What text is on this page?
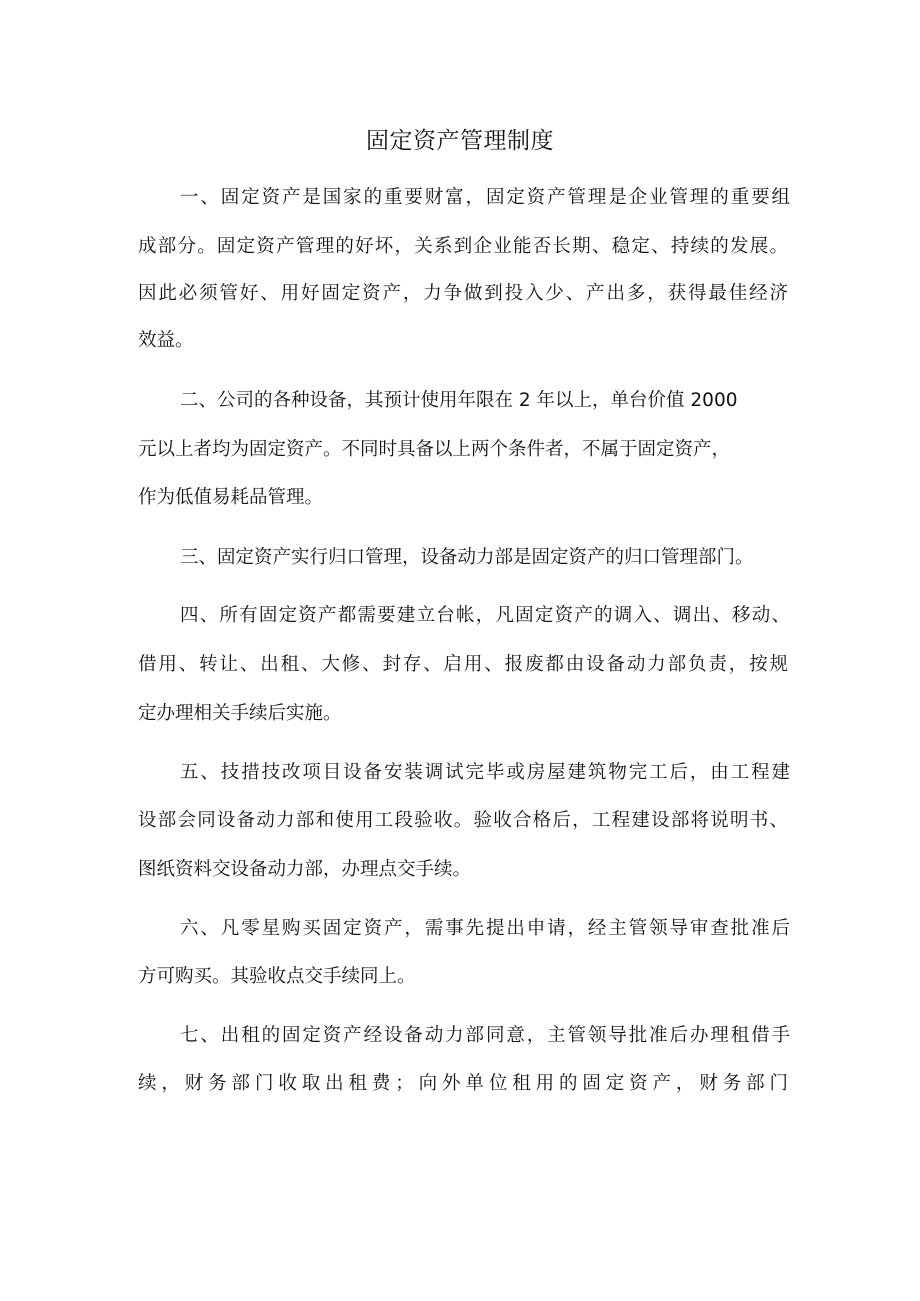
固定资产管理制度

一、固定资产是国家的重要财富，固定资产管理是企业管理的重要组

成部分。固定资产管理的好坏，关系到企业能否长期、稳定、持续的发展。

因此必须管好、用好固定资产，力争做到投入少、产出多，获得最佳经济

效益。

二、公司的各种设备，其预计使用年限在 2 年以上，单台价值 2000

元以上者均为固定资产。不同时具备以上两个条件者，不属于固定资产，

作为低值易耗品管理。

三、固定资产实行归口管理，设备动力部是固定资产的归口管理部门。

四、所有固定资产都需要建立台帐，凡固定资产的调入、调出、移动、

借用、转让、出租、大修、封存、启用、报废都由设备动力部负责，按规

定办理相关手续后实施。

五、技措技改项目设备安装调试完毕或房屋建筑物完工后，由工程建

设部会同设备动力部和使用工段验收。验收合格后，工程建设部将说明书、

图纸资料交设备动力部，办理点交手续。

六、凡零星购买固定资产，需事先提出申请，经主管领导审查批准后

方可购买。其验收点交手续同上。

七、出租的固定资产经设备动力部同意，主管领导批准后办理租借手

续，财务部门收取出租费；向外单位租用的固定资产，财务部门
